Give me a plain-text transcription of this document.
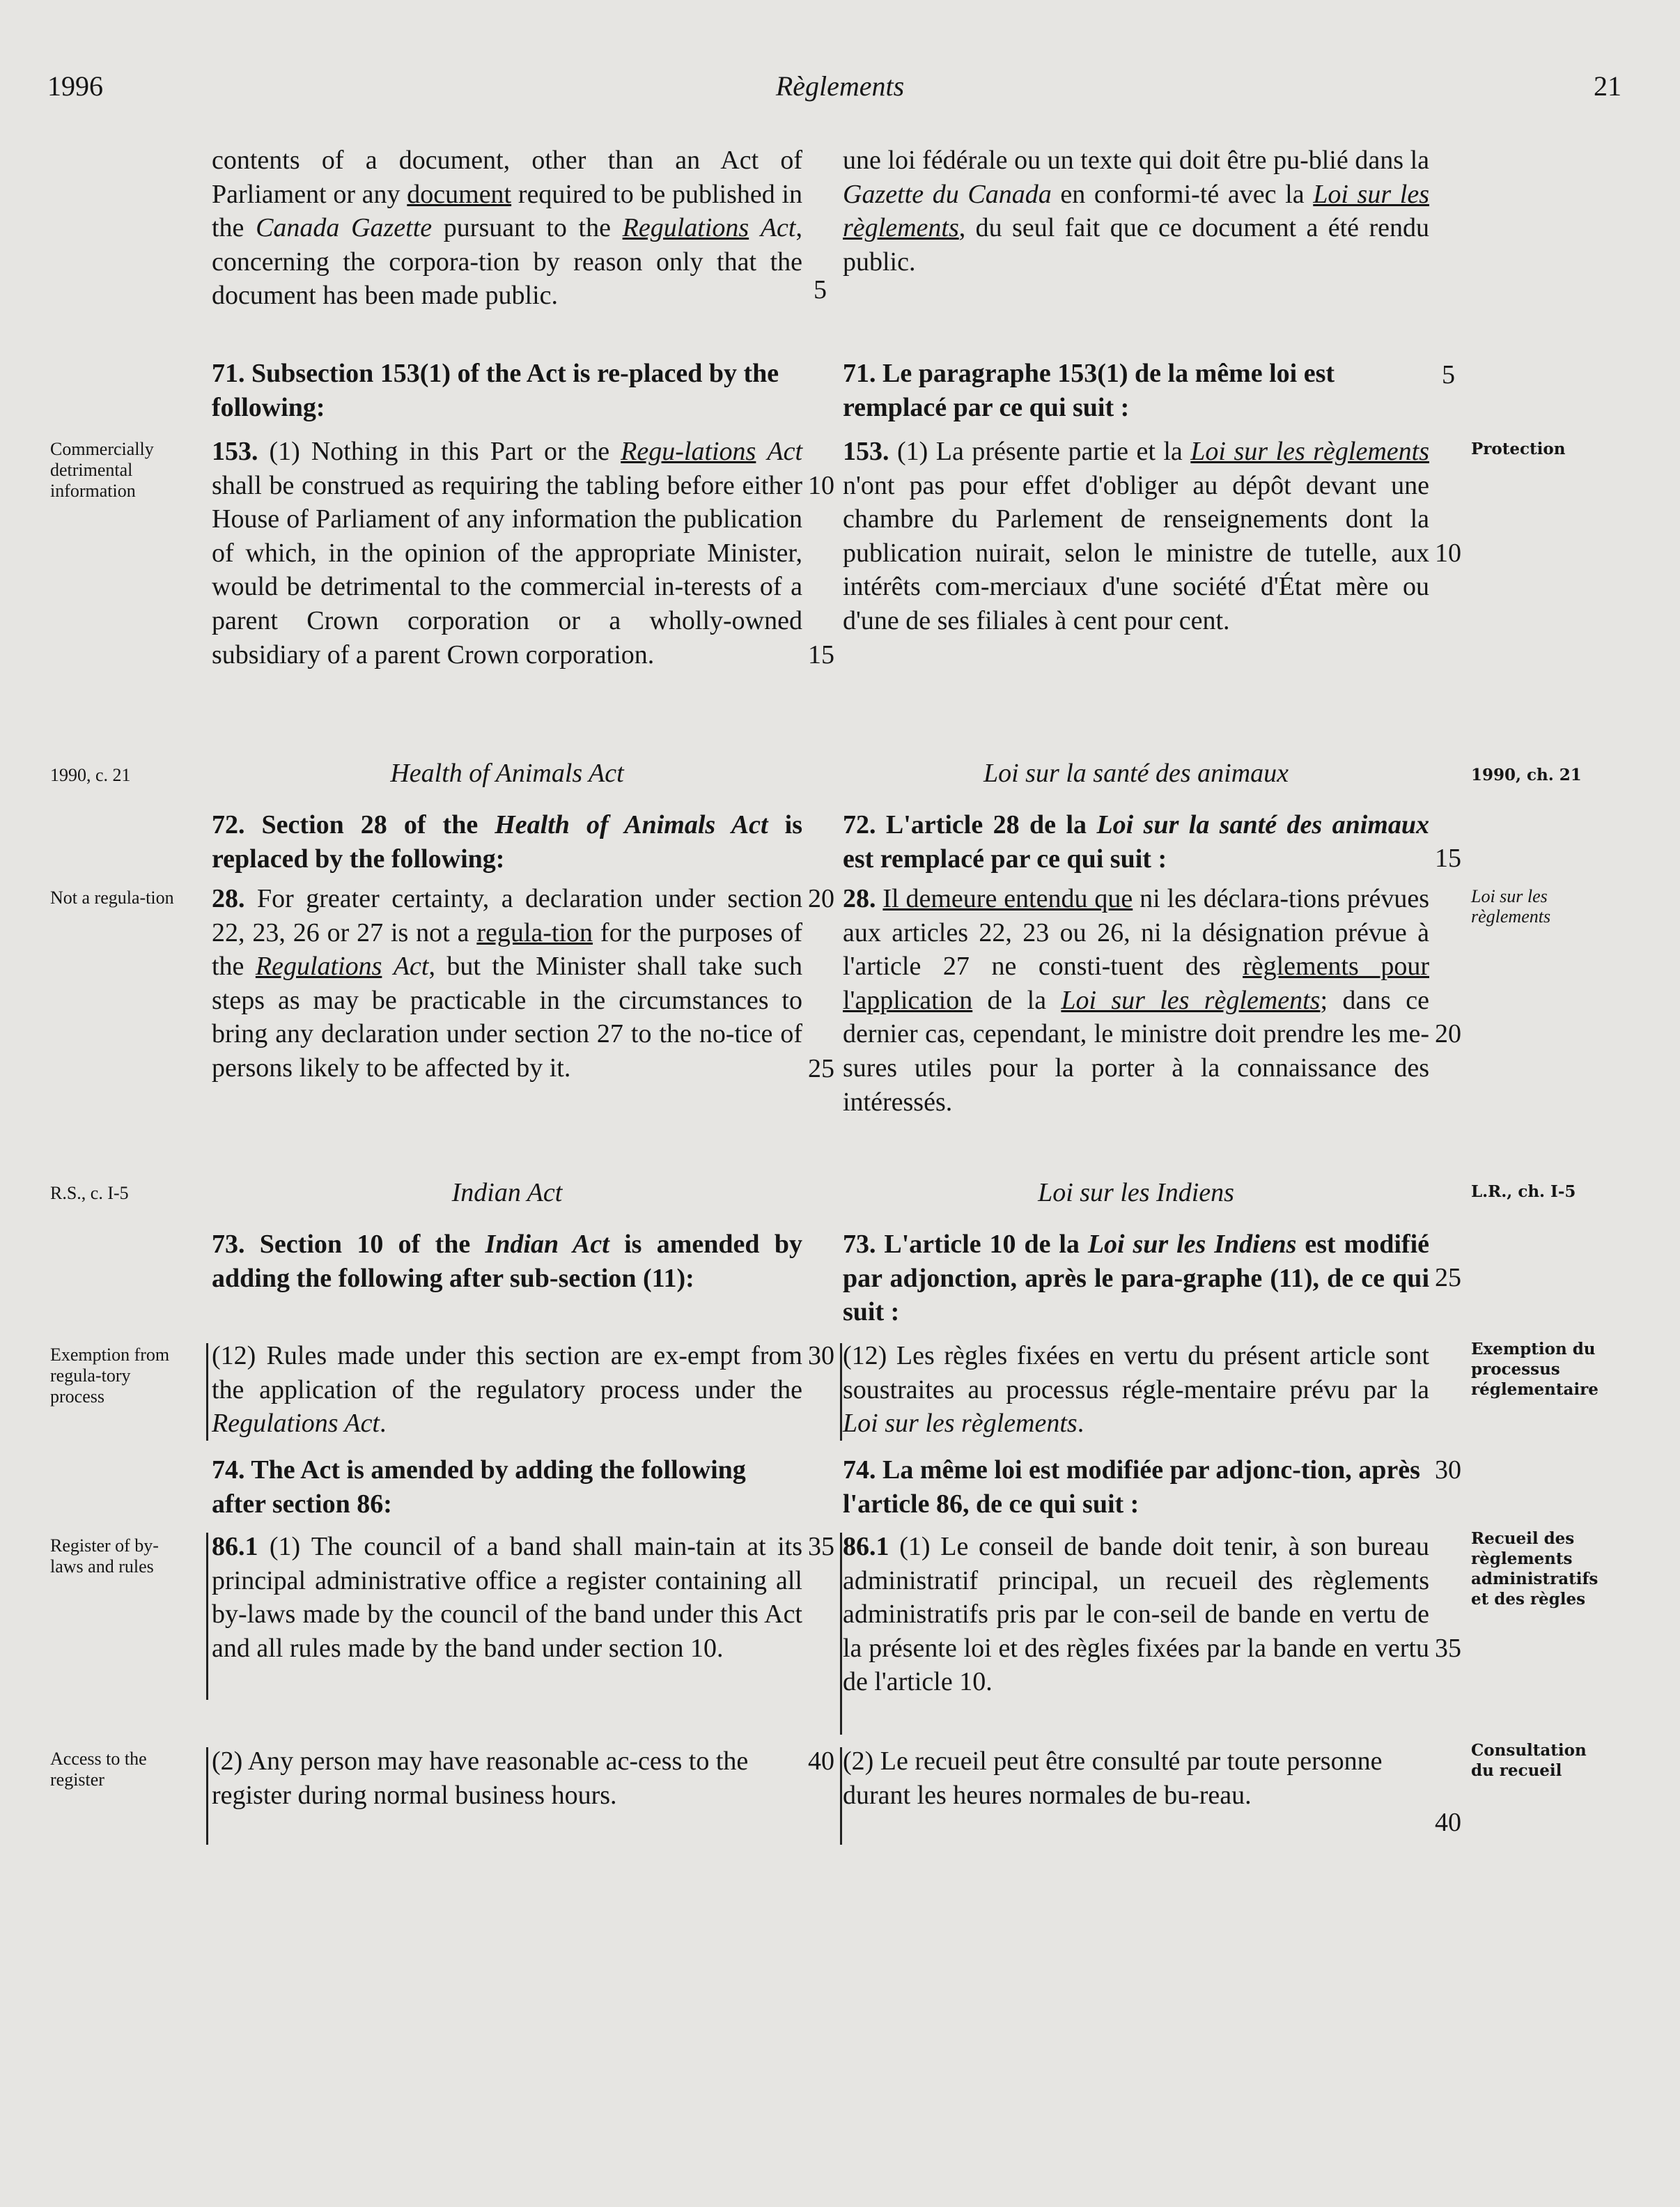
1996	Règlements	21

contents of a document, other than an Act of Parliament or any document required to be published in the Canada Gazette pursuant to the Regulations Act, concerning the corpora-tion by reason only that the document has been made public.

une loi fédérale ou un texte qui doit être pu-blié dans la Gazette du Canada en conformi-té avec la Loi sur les règlements, du seul fait que ce document a été rendu public.

71. Subsection 153(1) of the Act is re-placed by the following:
71. Le paragraphe 153(1) de la même loi est remplacé par ce qui suit :
Commercially detrimental information
Protection

153. (1) Nothing in this Part or the Regu-lations Act shall be construed as requiring the tabling before either House of Parliament of any information the publication of which, in the opinion of the appropriate Minister, would be detrimental to the commercial in-terests of a parent Crown corporation or a wholly-owned subsidiary of a parent Crown corporation.

153. (1) La présente partie et la Loi sur les règlements n'ont pas pour effet d'obliger au dépôt devant une chambre du Parlement de renseignements dont la publication nuirait, selon le ministre de tutelle, aux intérêts com-merciaux d'une société d'État mère ou d'une de ses filiales à cent pour cent.

1990, c. 21	1990, ch. 21
Health of Animals Act	Loi sur la santé des animaux

72. Section 28 of the Health of Animals Act is replaced by the following:

72. L'article 28 de la Loi sur la santé des animaux est remplacé par ce qui suit :

Not a regula-tion	Loi sur les règlements

28. For greater certainty, a declaration under section 22, 23, 26 or 27 is not a regula-tion for the purposes of the Regulations Act, but the Minister shall take such steps as may be practicable in the circumstances to bring any declaration under section 27 to the no-tice of persons likely to be affected by it.

28. Il demeure entendu que ni les déclara-tions prévues aux articles 22, 23 ou 26, ni la désignation prévue à l'article 27 ne consti-tuent des règlements pour l'application de la Loi sur les règlements; dans ce dernier cas, cependant, le ministre doit prendre les me-sures utiles pour la porter à la connaissance des intéressés.

R.S., c. I-5	L.R., ch. I-5
Indian Act	Loi sur les Indiens

73. Section 10 of the Indian Act is amended by adding the following after sub-section (11):

73. L'article 10 de la Loi sur les Indiens est modifié par adjonction, après le para-graphe (11), de ce qui suit :

Exemption from regula-tory process
Exemption du processus réglementaire

(12) Rules made under this section are ex-empt from the application of the regulatory process under the Regulations Act.

(12) Les règles fixées en vertu du présent article sont soustraites au processus régle-mentaire prévu par la Loi sur les règlements.

74. The Act is amended by adding the following after section 86:
74. La même loi est modifiée par adjonc-tion, après l'article 86, de ce qui suit :
Register of by-laws and rules
Recueil des règlements administratifs et des règles

86.1 (1) The council of a band shall main-tain at its principal administrative office a register containing all by-laws made by the council of the band under this Act and all rules made by the band under section 10.

86.1 (1) Le conseil de bande doit tenir, à son bureau administratif principal, un recueil des règlements administratifs pris par le con-seil de bande en vertu de la présente loi et des règles fixées par la bande en vertu de l'article 10.

Access to the register
Consultation du recueil
(2) Any person may have reasonable ac-cess to the register during normal business hours.
(2) Le recueil peut être consulté par toute personne durant les heures normales de bu-reau.
5
5
10
10
15
15
20
20
25
25
30
30
35
35
40
40
